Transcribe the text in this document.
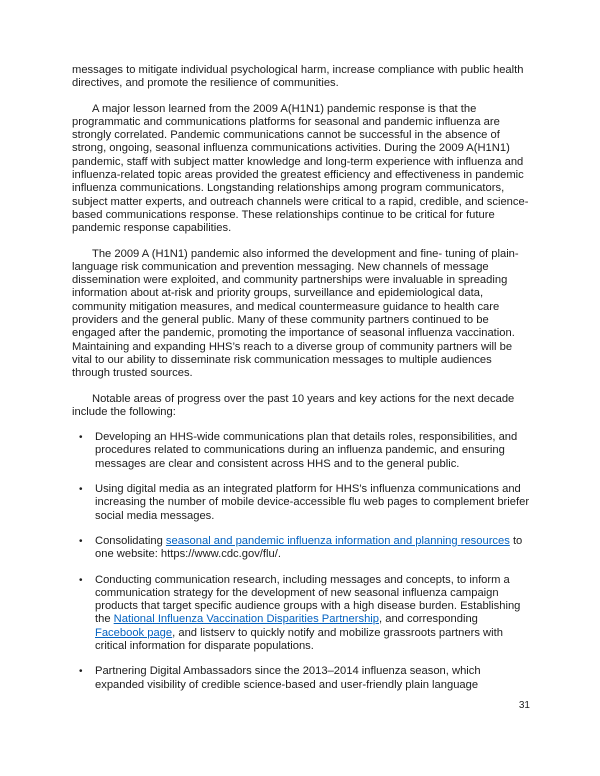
messages to mitigate individual psychological harm, increase compliance with public health directives, and promote the resilience of communities.

A major lesson learned from the 2009 A(H1N1) pandemic response is that the programmatic and communications platforms for seasonal and pandemic influenza are strongly correlated. Pandemic communications cannot be successful in the absence of strong, ongoing, seasonal influenza communications activities. During the 2009 A(H1N1) pandemic, staff with subject matter knowledge and long-term experience with influenza and influenza-related topic areas provided the greatest efficiency and effectiveness in pandemic influenza communications. Longstanding relationships among program communicators, subject matter experts, and outreach channels were critical to a rapid, credible, and science-based communications response. These relationships continue to be critical for future pandemic response capabilities.

The 2009 A (H1N1) pandemic also informed the development and fine- tuning of plain-language risk communication and prevention messaging. New channels of message dissemination were exploited, and community partnerships were invaluable in spreading information about at-risk and priority groups, surveillance and epidemiological data, community mitigation measures, and medical countermeasure guidance to health care providers and the general public. Many of these community partners continued to be engaged after the pandemic, promoting the importance of seasonal influenza vaccination. Maintaining and expanding HHS’s reach to a diverse group of community partners will be vital to our ability to disseminate risk communication messages to multiple audiences through trusted sources.

Notable areas of progress over the past 10 years and key actions for the next decade include the following:

• Developing an HHS-wide communications plan that details roles, responsibilities, and procedures related to communications during an influenza pandemic, and ensuring messages are clear and consistent across HHS and to the general public.
• Using digital media as an integrated platform for HHS’s influenza communications and increasing the number of mobile device-accessible flu web pages to complement briefer social media messages.
• Consolidating seasonal and pandemic influenza information and planning resources to one website: https://www.cdc.gov/flu/.
• Conducting communication research, including messages and concepts, to inform a communication strategy for the development of new seasonal influenza campaign products that target specific audience groups with a high disease burden. Establishing the National Influenza Vaccination Disparities Partnership, and corresponding Facebook page, and listserv to quickly notify and mobilize grassroots partners with critical information for disparate populations.
• Partnering Digital Ambassadors since the 2013–2014 influenza season, which expanded visibility of credible science-based and user-friendly plain language
31
